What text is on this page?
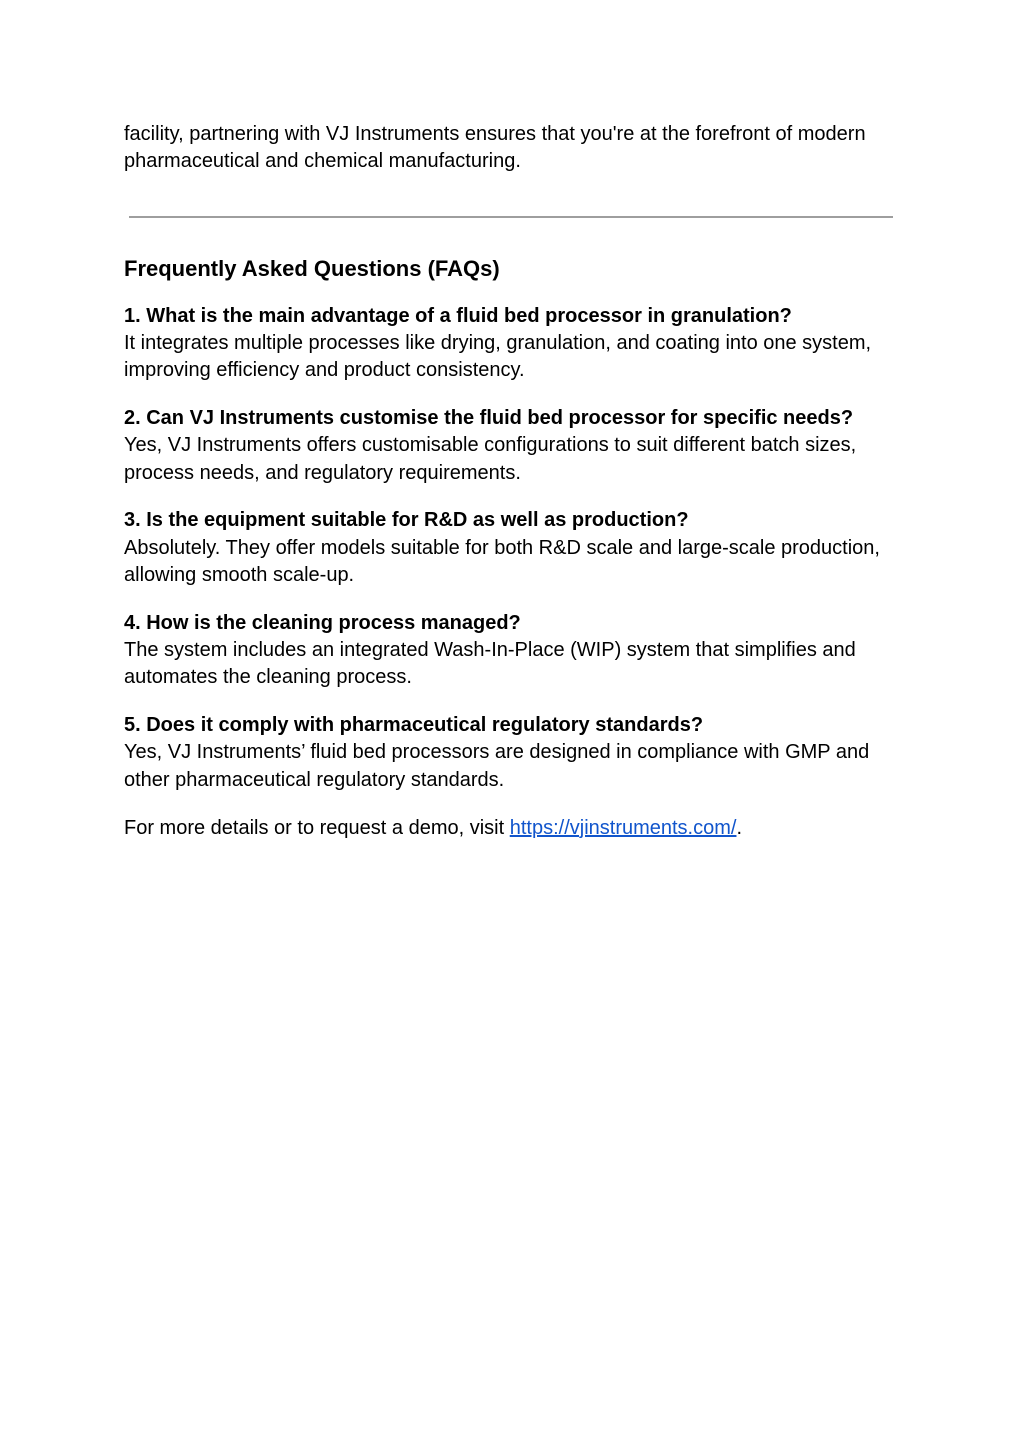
facility, partnering with VJ Instruments ensures that you're at the forefront of modern pharmaceutical and chemical manufacturing.

Frequently Asked Questions (FAQs)

1. What is the main advantage of a fluid bed processor in granulation?

It integrates multiple processes like drying, granulation, and coating into one system, improving efficiency and product consistency.

2. Can VJ Instruments customise the fluid bed processor for specific needs?

Yes, VJ Instruments offers customisable configurations to suit different batch sizes, process needs, and regulatory requirements.

3. Is the equipment suitable for R&D as well as production?

Absolutely. They offer models suitable for both R&D scale and large-scale production, allowing smooth scale-up.

4. How is the cleaning process managed?

The system includes an integrated Wash-In-Place (WIP) system that simplifies and automates the cleaning process.

5. Does it comply with pharmaceutical regulatory standards?

Yes, VJ Instruments’ fluid bed processors are designed in compliance with GMP and other pharmaceutical regulatory standards.

For more details or to request a demo, visit https://vjinstruments.com/.
